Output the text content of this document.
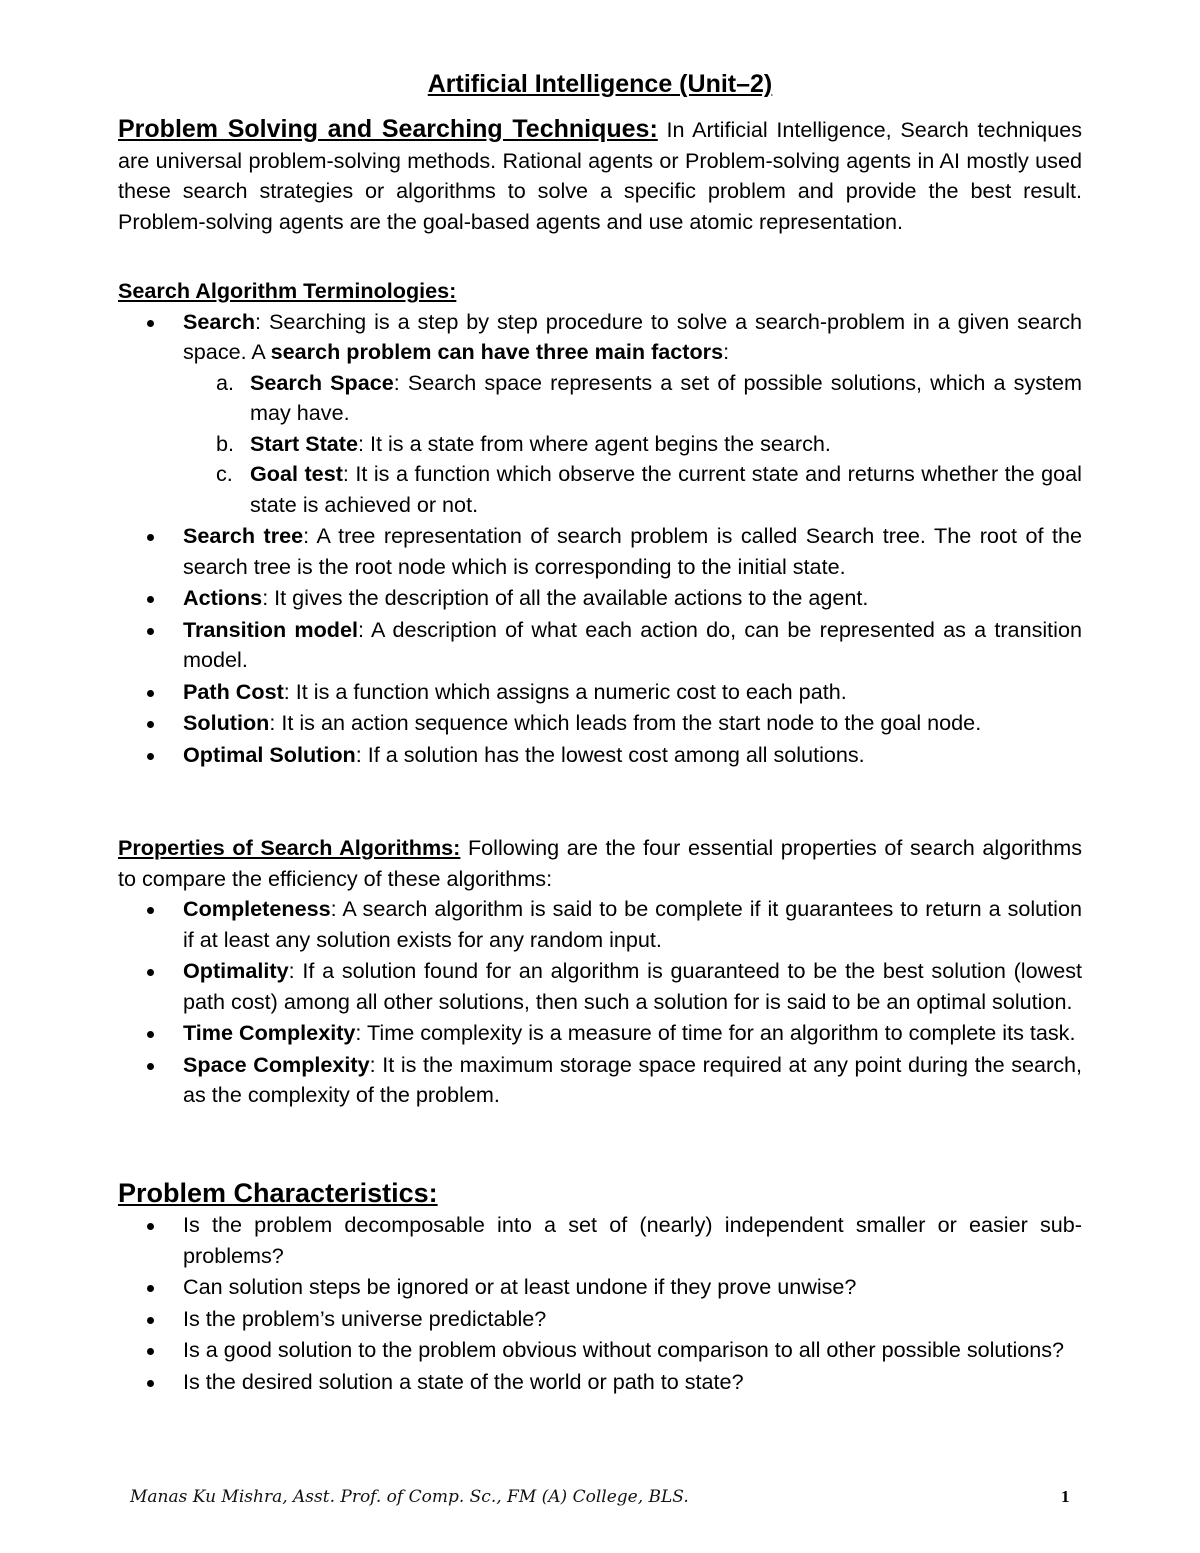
Artificial Intelligence (Unit–2)

Problem Solving and Searching Techniques: In Artificial Intelligence, Search techniques are universal problem-solving methods. Rational agents or Problem-solving agents in AI mostly used these search strategies or algorithms to solve a specific problem and provide the best result. Problem-solving agents are the goal-based agents and use atomic representation.

Search Algorithm Terminologies:

Search: Searching is a step by step procedure to solve a search-problem in a given search space. A search problem can have three main factors:
a. Search Space: Search space represents a set of possible solutions, which a system may have.
b. Start State: It is a state from where agent begins the search.
c. Goal test: It is a function which observe the current state and returns whether the goal state is achieved or not.
Search tree: A tree representation of search problem is called Search tree. The root of the search tree is the root node which is corresponding to the initial state.
Actions: It gives the description of all the available actions to the agent.
Transition model: A description of what each action do, can be represented as a transition model.
Path Cost: It is a function which assigns a numeric cost to each path.
Solution: It is an action sequence which leads from the start node to the goal node.
Optimal Solution: If a solution has the lowest cost among all solutions.

Properties of Search Algorithms: Following are the four essential properties of search algorithms to compare the efficiency of these algorithms:

Completeness: A search algorithm is said to be complete if it guarantees to return a solution if at least any solution exists for any random input.
Optimality: If a solution found for an algorithm is guaranteed to be the best solution (lowest path cost) among all other solutions, then such a solution for is said to be an optimal solution.
Time Complexity: Time complexity is a measure of time for an algorithm to complete its task.
Space Complexity: It is the maximum storage space required at any point during the search, as the complexity of the problem.

Problem Characteristics:

Is the problem decomposable into a set of (nearly) independent smaller or easier sub-problems?
Can solution steps be ignored or at least undone if they prove unwise?
Is the problem’s universe predictable?
Is a good solution to the problem obvious without comparison to all other possible solutions?
Is the desired solution a state of the world or path to state?
Manas Ku Mishra, Asst. Prof. of Comp. Sc., FM (A) College, BLS.	1
